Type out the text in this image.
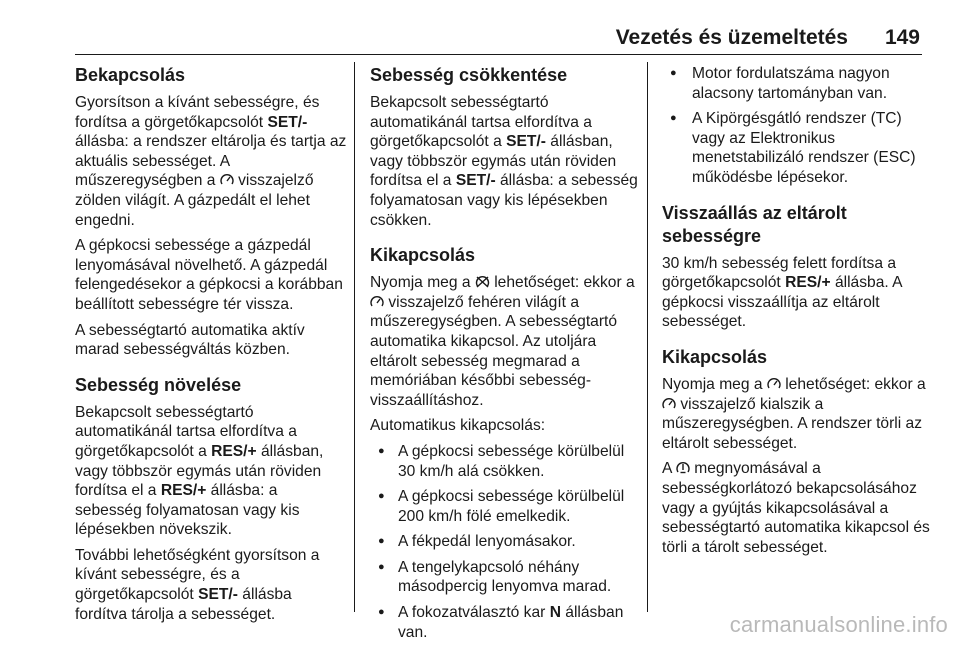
Vezetés és üzemeltetés 149
Bekapcsolás

Gyorsítson a kívánt sebességre, és fordítsa a görgetőkapcsolót SET/- állásba: a rendszer eltárolja és tartja az aktuális sebességet. A műszeregységben a  visszajelző zölden világít. A gázpedált el lehet engedni.

A gépkocsi sebessége a gázpedál lenyomásával növelhető. A gázpedál felengedésekor a gépkocsi a korábban beállított sebességre tér vissza.

A sebességtartó automatika aktív marad sebességváltás közben.

Sebesség növelése

Bekapcsolt sebességtartó automatikánál tartsa elfordítva a görgetőkapcsolót a RES/+ állásban, vagy többször egymás után röviden fordítsa el a RES/+ állásba: a sebesség folyamatosan vagy kis lépésekben növekszik.

További lehetőségként gyorsítson a kívánt sebességre, és a görgetőkapcsolót SET/- állásba fordítva tárolja a sebességet.

Sebesség csökkentése

Bekapcsolt sebességtartó automatikánál tartsa elfordítva a görgetőkapcsolót a SET/- állásban, vagy többször egymás után röviden fordítsa el a SET/- állásba: a sebesség folyamatosan vagy kis lépésekben csökken.

Kikapcsolás

Nyomja meg a  lehetőséget: ekkor a  visszajelző fehéren világít a műszeregységben. A sebességtartó automatika kikapcsol. Az utoljára eltárolt sebesség megmarad a memóriában későbbi sebesség-visszaállításhoz.

Automatikus kikapcsolás:

● A gépkocsi sebessége körülbelül 30 km/h alá csökken.
● A gépkocsi sebessége körülbelül 200 km/h fölé emelkedik.
● A fékpedál lenyomásakor.
● A tengelykapcsoló néhány másodpercig lenyomva marad.
● A fokozatválasztó kar N állásban van.
● Motor fordulatszáma nagyon alacsony tartományban van.
● A Kipörgésgátló rendszer (TC) vagy az Elektronikus menetstabilizáló rendszer (ESC) működésbe lépésekor.
Visszaállás az eltárolt sebességre

30 km/h sebesség felett fordítsa a görgetőkapcsolót RES/+ állásba. A gépkocsi visszaállítja az eltárolt sebességet.

Kikapcsolás

Nyomja meg a  lehetőséget: ekkor a  visszajelző kialszik a műszeregységben. A rendszer törli az eltárolt sebességet.

A  megnyomásával a sebességkorlátozó bekapcsolásához vagy a gyújtás kikapcsolásával a sebességtartó automatika kikapcsol és törli a tárolt sebességet.

carmanualsonline.info
